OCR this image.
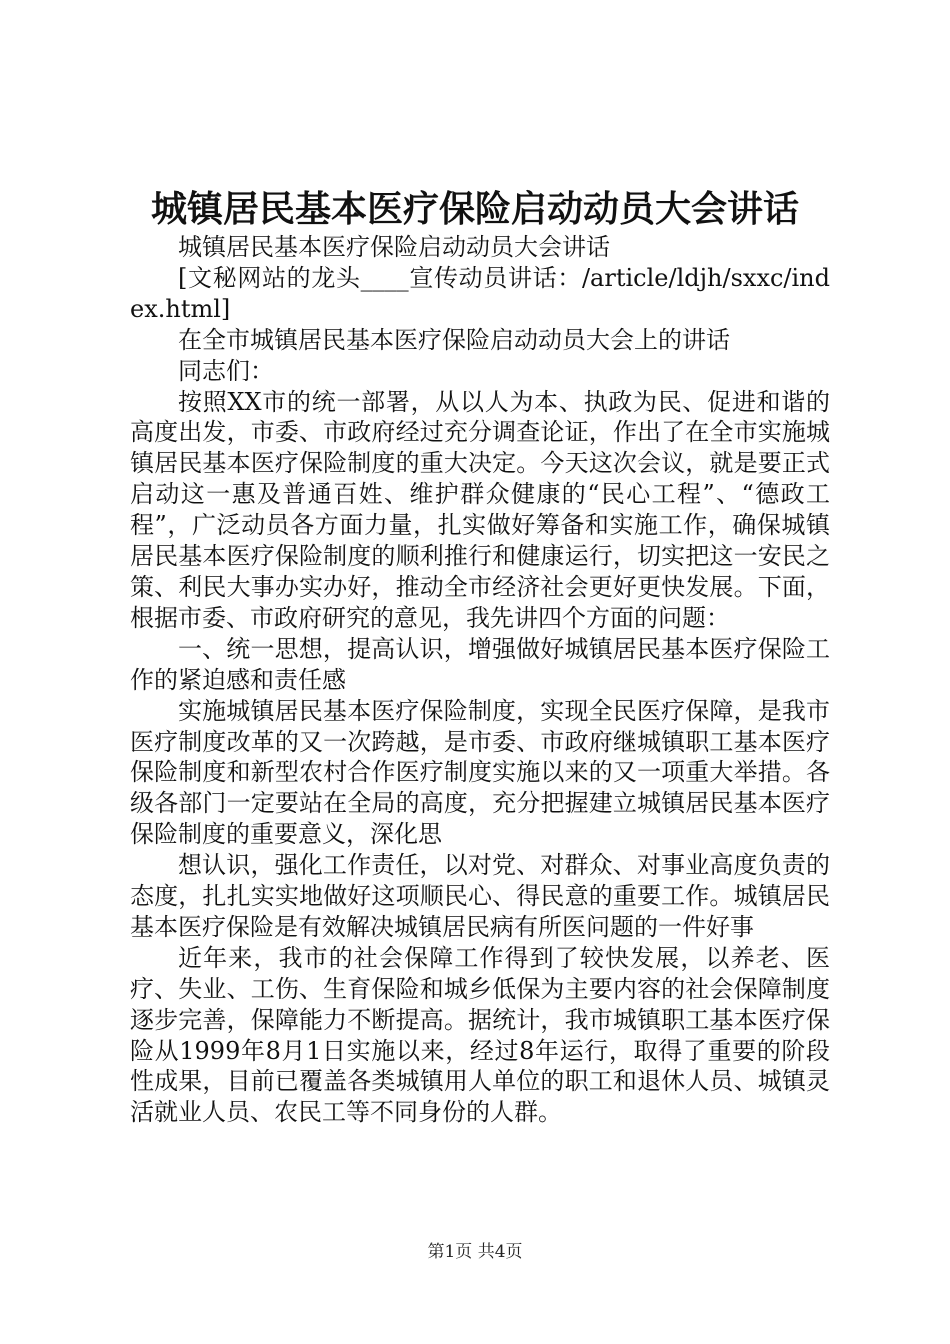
城镇居民基本医疗保险启动动员大会讲话

城镇居民基本医疗保险启动动员大会讲话

[文秘网站的龙头____宣传动员讲话：/article/ldjh/sxxc/index.html]

在全市城镇居民基本医疗保险启动动员大会上的讲话

同志们：

按照XX市的统一部署，从以人为本、执政为民、促进和谐的高度出发，市委、市政府经过充分调查论证，作出了在全市实施城镇居民基本医疗保险制度的重大决定。今天这次会议，就是要正式启动这一惠及普通百姓、维护群众健康的“民心工程”、“德政工程”，广泛动员各方面力量，扎实做好筹备和实施工作，确保城镇居民基本医疗保险制度的顺利推行和健康运行，切实把这一安民之策、利民大事办实办好，推动全市经济社会更好更快发展。下面，根据市委、市政府研究的意见，我先讲四个方面的问题：

一、统一思想，提高认识，增强做好城镇居民基本医疗保险工作的紧迫感和责任感

实施城镇居民基本医疗保险制度，实现全民医疗保障，是我市医疗制度改革的又一次跨越，是市委、市政府继城镇职工基本医疗保险制度和新型农村合作医疗制度实施以来的又一项重大举措。各级各部门一定要站在全局的高度，充分把握建立城镇居民基本医疗保险制度的重要意义，深化思

想认识，强化工作责任，以对党、对群众、对事业高度负责的态度，扎扎实实地做好这项顺民心、得民意的重要工作。城镇居民基本医疗保险是有效解决城镇居民病有所医问题的一件好事

近年来，我市的社会保障工作得到了较快发展，以养老、医疗、失业、工伤、生育保险和城乡低保为主要内容的社会保障制度逐步完善，保障能力不断提高。据统计，我市城镇职工基本医疗保险从1999年8月1日实施以来，经过8年运行，取得了重要的阶段性成果，目前已覆盖各类城镇用人单位的职工和退休人员、城镇灵活就业人员、农民工等不同身份的人群。

第1页 共4页
